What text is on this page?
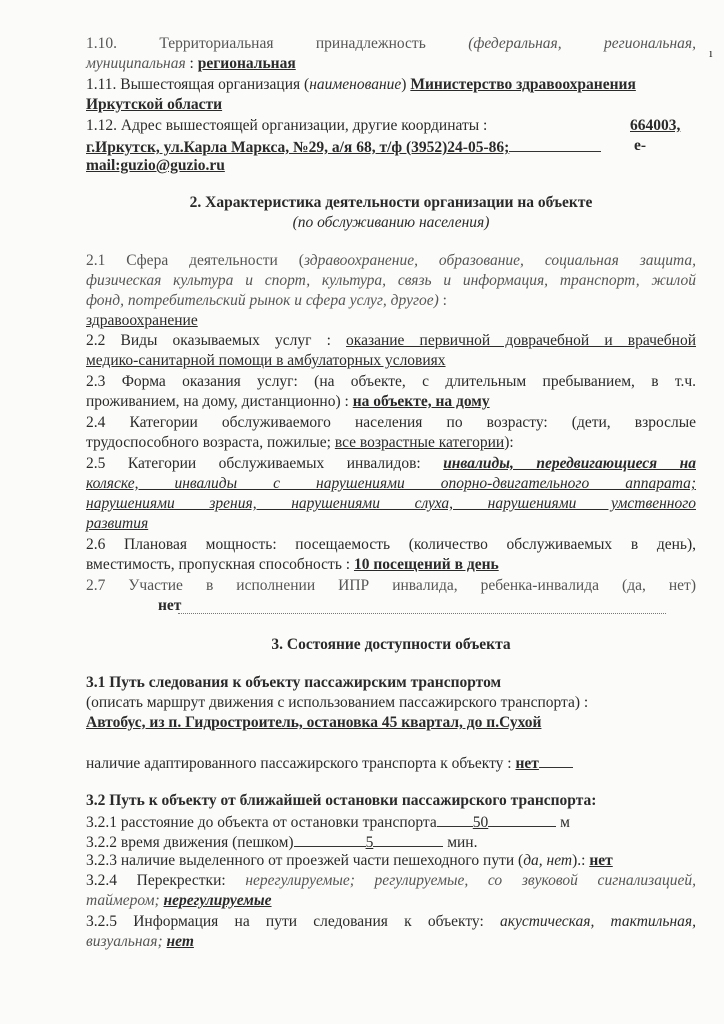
ı
1.10.	Территориальная	принадлежность	(федеральная,	региональная,
муниципальная : региональная
1.11. Вышестоящая организация (наименование) Министерство здравоохранения
Иркутской области
1.12. Адрес вышестоящей организации, другие координаты :	664003,
г.Иркутск, ул.Карла Маркса, №29, а/я 68, т/ф (3952)24-05-86;	е-
mail:guzio@guzio.ru
2. Характеристика деятельности организации на объекте
(по обслуживанию населения)
2.1 Сфера деятельности (здравоохранение, образование, социальная защита,
физическая культура и спорт, культура, связь и информация, транспорт, жилой
фонд, потребительский рынок и сфера услуг, другое) :
здравоохранение
2.2 Виды оказываемых услуг : оказание первичной доврачебной и врачебной
медико-санитарной помощи в амбулаторных условиях
2.3 Форма оказания услуг: (на объекте, с длительным пребыванием, в т.ч.
проживанием, на дому, дистанционно) : на объекте, на дому
2.4 Категории обслуживаемого населения по возрасту: (дети, взрослые
трудоспособного возраста, пожилые; все возрастные категории):
2.5 Категории обслуживаемых инвалидов: инвалиды, передвигающиеся на
коляске, инвалиды с нарушениями опорно-двигательного аппарата;
нарушениями зрения, нарушениями слуха, нарушениями умственного
развития
2.6 Плановая мощность: посещаемость (количество обслуживаемых в день),
вместимость, пропускная способность : 10 посещений в день
2.7 Участие в исполнении ИПР инвалида, ребенка-инвалида (да, нет)
нет
3. Состояние доступности объекта
3.1 Путь следования к объекту пассажирским транспортом
(описать маршрут движения с использованием пассажирского транспорта) :
Автобус, из п. Гидростроитель, остановка 45 квартал, до п.Сухой
наличие адаптированного пассажирского транспорта к объекту : нет
3.2 Путь к объекту от ближайшей остановки пассажирского транспорта:
3.2.1 расстояние до объекта от остановки транспорта 50	м
3.2.2 время движения (пешком)	5	мин.
3.2.3 наличие выделенного от проезжей части пешеходного пути (да, нет).: нет
3.2.4 Перекрестки: нерегулируемые; регулируемые, со звуковой сигнализацией,
таймером; нерегулируемые
3.2.5 Информация на пути следования к объекту: акустическая, тактильная,
визуальная; нет
